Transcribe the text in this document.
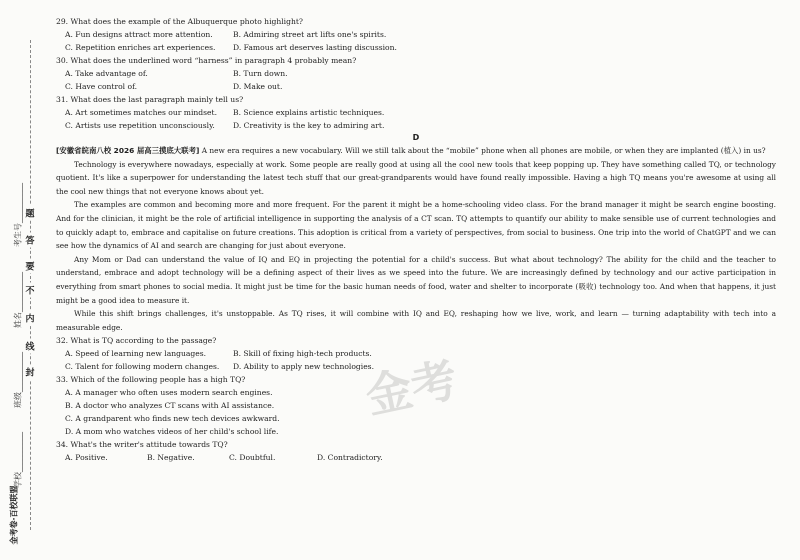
考生号__________
姓名__________
班级__________
学校__________
题
答
要
不
内
线
封
金考卷·百校联盟
金考
29. What does the example of the Albuquerque photo highlight?
A. Fun designs attract more attention.	B. Admiring street art lifts one's spirits.
C. Repetition enriches art experiences.	D. Famous art deserves lasting discussion.
30. What does the underlined word “harness” in paragraph 4 probably mean?
A. Take advantage of.	B. Turn down.
C. Have control of.	D. Make out.
31. What does the last paragraph mainly tell us?
A. Art sometimes matches our mindset.	B. Science explains artistic techniques.
C. Artists use repetition unconsciously.	D. Creativity is the key to admiring art.
D

[安徽省皖南八校 2026 届高三摸底大联考] A new era requires a new vocabulary. Will we still talk about the “mobile” phone when all phones are mobile, or when they are implanted (植入) in us?

Technology is everywhere nowadays, especially at work. Some people are really good at using all the cool new tools that keep popping up. They have something called TQ, or technology quotient. It's like a superpower for understanding the latest tech stuff that our great-grandparents would have found really impossible. Having a high TQ means you're awesome at using all the cool new things that not everyone knows about yet.

The examples are common and becoming more and more frequent. For the parent it might be a home-schooling video class. For the brand manager it might be search engine boosting. And for the clinician, it might be the role of artificial intelligence in supporting the analysis of a CT scan. TQ attempts to quantify our ability to make sensible use of current technologies and to quickly adapt to, embrace and capitalise on future creations. This adoption is critical from a variety of perspectives, from social to business. One trip into the world of ChatGPT and we can see how the dynamics of AI and search are changing for just about everyone.

Any Mom or Dad can understand the value of IQ and EQ in projecting the potential for a child's success. But what about technology? The ability for the child and the teacher to understand, embrace and adopt technology will be a defining aspect of their lives as we speed into the future. We are increasingly defined by technology and our active participation in everything from smart phones to social media. It might just be time for the basic human needs of food, water and shelter to incorporate (吸收) technology too. And when that happens, it just might be a good idea to measure it.

While this shift brings challenges, it's unstoppable. As TQ rises, it will combine with IQ and EQ, reshaping how we live, work, and learn — turning adaptability with tech into a measurable edge.

32. What is TQ according to the passage?
A. Speed of learning new languages.	B. Skill of fixing high-tech products.
C. Talent for following modern changes.	D. Ability to apply new technologies.
33. Which of the following people has a high TQ?
A. A manager who often uses modern search engines.
B. A doctor who analyzes CT scans with AI assistance.
C. A grandparent who finds new tech devices awkward.
D. A mom who watches videos of her child's school life.
34. What's the writer's attitude towards TQ?
A. Positive.	B. Negative.	C. Doubtful.	D. Contradictory.
